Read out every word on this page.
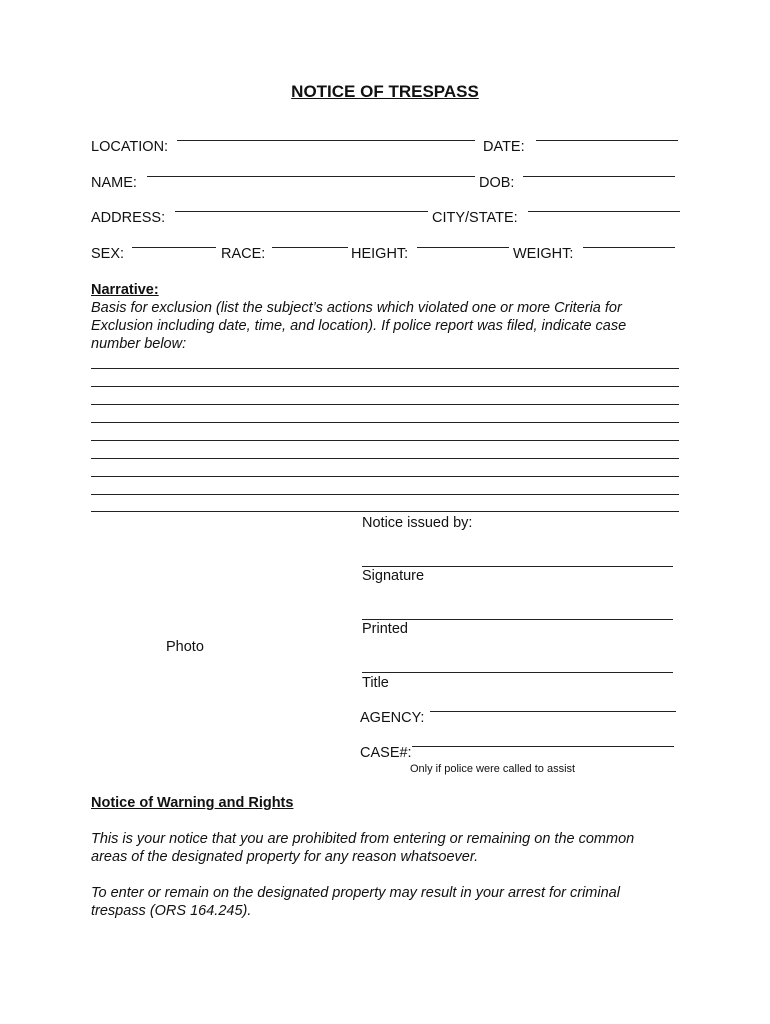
NOTICE OF TRESPASS
LOCATION:	DATE:
NAME:	DOB:
ADDRESS:	CITY/STATE:
SEX:	RACE:	HEIGHT:	WEIGHT:
Narrative:
Basis for exclusion (list the subject’s actions which violated one or more Criteria for
Exclusion including date, time, and location). If police report was filed, indicate case
number below:
Photo
Notice issued by:
Signature
Printed
Title
AGENCY:
CASE#:
Only if police were called to assist
Notice of Warning and Rights
This is your notice that you are prohibited from entering or remaining on the common
areas of the designated property for any reason whatsoever.
To enter or remain on the designated property may result in your arrest for criminal
trespass (ORS 164.245).
